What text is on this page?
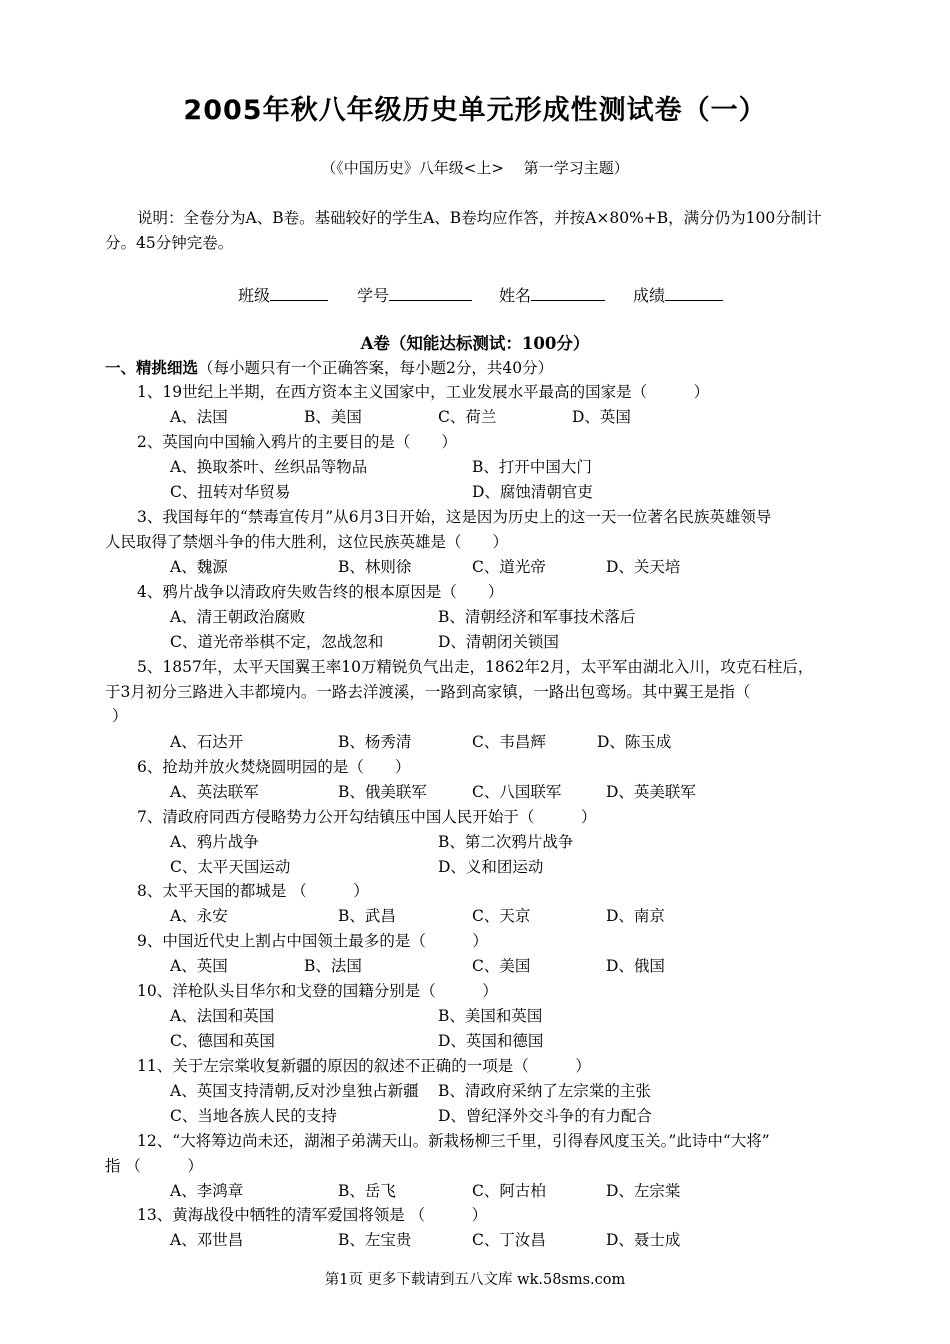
2005年秋八年级历史单元形成性测试卷（一）
（《中国历史》八年级<上>　 第一学习主题）
说明：全卷分为A、B卷。基础较好的学生A、B卷均应作答，并按A×80%+B，满分仍为100分制计
分。45分钟完卷。
班级	学号	姓名	成绩
A卷（知能达标测试：100分）
一、精挑细选（每小题只有一个正确答案，每小题2分，共40分）
1、19世纪上半期，在西方资本主义国家中，工业发展水平最高的国家是（　　　）
A、法国	B、美国	C、荷兰	D、英国
2、英国向中国输入鸦片的主要目的是（　　）
A、换取茶叶、丝织品等物品	B、打开中国大门
C、扭转对华贸易	D、腐蚀清朝官吏
3、我国每年的“禁毒宣传月”从6月3日开始，这是因为历史上的这一天一位著名民族英雄领导
人民取得了禁烟斗争的伟大胜利，这位民族英雄是（　　）
A、魏源	B、林则徐	C、道光帝	D、关天培
4、鸦片战争以清政府失败告终的根本原因是（　　）
A、清王朝政治腐败	B、清朝经济和军事技术落后
C、道光帝举棋不定，忽战忽和	D、清朝闭关锁国
5、1857年，太平天国翼王率10万精锐负气出走，1862年2月，太平军由湖北入川，攻克石柱后，
于3月初分三路进入丰都境内。一路去洋渡溪，一路到高家镇，一路出包鸾场。其中翼王是指（
）
A、石达开	B、杨秀清	C、韦昌辉	D、陈玉成
6、抢劫并放火焚烧圆明园的是（　　）
A、英法联军	B、俄美联军	C、八国联军	D、英美联军
7、清政府同西方侵略势力公开勾结镇压中国人民开始于（　　　）
A、鸦片战争	B、第二次鸦片战争
C、太平天国运动	D、义和团运动
8、太平天国的都城是 （　　　）
A、永安	B、武昌	C、天京	D、南京
9、中国近代史上割占中国领土最多的是（　　　）
A、英国	B、法国	C、美国	D、俄国
10、洋枪队头目华尔和戈登的国籍分别是（　　　）
A、法国和英国	B、美国和英国
C、德国和英国	D、英国和德国
11、关于左宗棠收复新疆的原因的叙述不正确的一项是（　　　）
A、英国支持清朝,反对沙皇独占新疆 B、清政府采纳了左宗棠的主张
C、当地各族人民的支持	D、曾纪泽外交斗争的有力配合
12、“大将筹边尚未还，湖湘子弟满天山。新栽杨柳三千里，引得春风度玉关。”此诗中“大将”
指 （　　　）
A、李鸿章	B、岳飞	C、阿古柏	D、左宗棠
13、黄海战役中牺牲的清军爱国将领是 （　　　）
A、邓世昌	B、左宝贵	C、丁汝昌	D、聂士成
第1页 更多下载请到五八文库 wk.58sms.com
